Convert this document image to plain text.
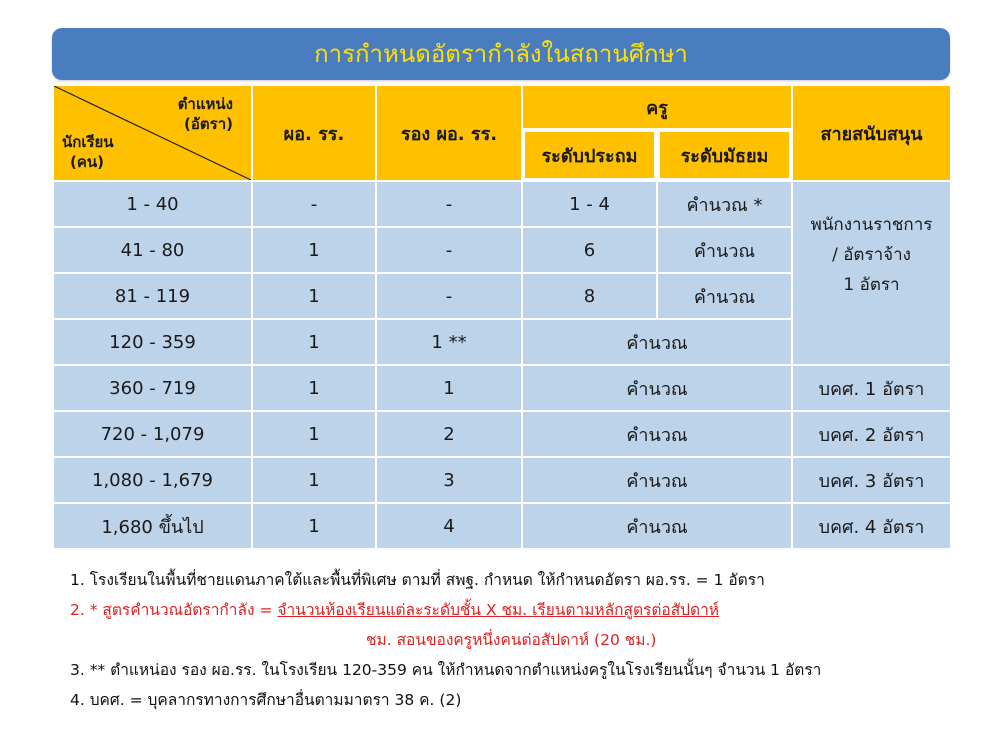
การกำหนดอัตรากำลังในสถานศึกษา
ตำแหน่ง
(อัตรา)
นักเรียน
(คน)	ผอ. รร.	รอง ผอ. รร.	ครู		สายสนับสนุน
			ระดับประถม	ระดับมัธยม	
1 - 40	-	-	1 - 4	คำนวณ *	พนักงานราชการ
/ อัตราจ้าง
1 อัตรา

41 - 80	1	-	6	คำนวณ	
81 - 119	1	-	8	คำนวณ	
120 - 359	1	1 **	คำนวณ		
360 - 719	1	1	คำนวณ		บคศ. 1 อัตรา
720 - 1,079	1	2	คำนวณ		บคศ. 2 อัตรา
1,080 - 1,679	1	3	คำนวณ		บคศ. 3 อัตรา
1,680 ขึ้นไป	1	4	คำนวณ		บคศ. 4 อัตรา
1. โรงเรียนในพื้นที่ชายแดนภาคใต้และพื้นที่พิเศษ ตามที่ สพฐ. กำหนด ให้กำหนดอัตรา ผอ.รร. = 1 อัตรา
2. * สูตรคำนวณอัตรากำลัง = จำนวนห้องเรียนแต่ละระดับชั้น X ชม. เรียนตามหลักสูตรต่อสัปดาห์
ชม. สอนของครูหนึ่งคนต่อสัปดาห์ (20 ชม.)
3. ** ตำแหน่อง รอง ผอ.รร. ในโรงเรียน 120-359 คน ให้กำหนดจากตำแหน่งครูในโรงเรียนนั้นๆ จำนวน 1 อัตรา
4. บคศ. = บุคลากรทางการศึกษาอื่นตามมาตรา 38 ค. (2)
